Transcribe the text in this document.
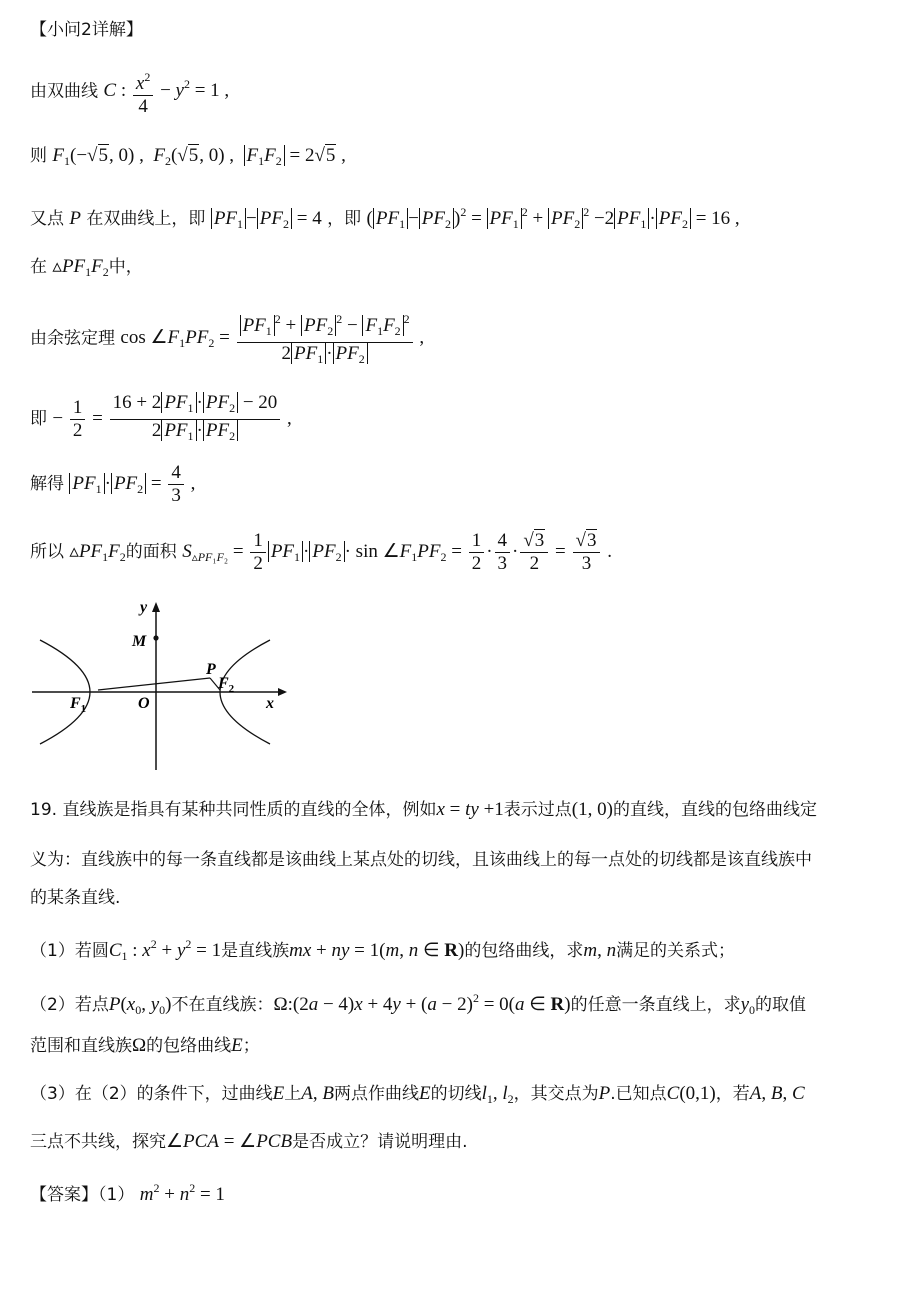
【小问2详解】
由双曲线 C : $\frac{x^2}{4} - y^2 = 1$ ,
则 $F_1(-√5$, 0) ,  $F_2(√5$, 0) ,  $F_1F_2 = 2√5$ ,
又点 P 在双曲线上，即 $PF_1 - PF_2 = 4$ ，即 ( $PF_1 - PF_2$ )$^2 = PF_1^2 + PF_2^2 -2$ $PF_1 \cdot PF_2 = 16$ ,
在 $▵PF_1F_2$中，
由余弦定理 $\cos \angle F_1PF_2 = \frac{PF_1^2 + PF_2^2 - F_1F_2^2}{2 PF_1 \cdot PF_2}$ ,
即 − $\frac{1}{2} = \frac{16 + 2 PF_1 \cdot PF_2 - 20}{2 PF_1 \cdot PF_2}$ ,
解得 $PF_1 \cdot PF_2 = \frac{4}{3}$ ,
所以 $▵PF_1F_2$的面积 $S_{▵PF_1F_2} = \frac{1}{2} PF_1 \cdot PF_2 \cdot \sin$ $\angle F_1PF_2 = \frac{1}{2} \cdot \frac{4}{3} \cdot \frac{√3}{2} = \frac{√3}{3}$ .
y
x
M
P
$F_1$
$F_2$
O
19. 直线族是指具有某种共同性质的直线的全体，例如x = ty +1表示过点(1, 0)的直线，直线的包络曲线定
义为：直线族中的每一条直线都是该曲线上某点处的切线，且该曲线上的每一点处的切线都是该直线族中
的某条直线.
（1）若圆$C_1$ : $x^2 + y^2 = 1$是直线族mx + ny = 1(m, n ∈ R)的包络曲线，求m, n满足的关系式；
（2）若点$P(x_0$, $y_0$)不在直线族：Ω:(2a − $4)x + 4y + (a - 2)^2 = 0(a$ ∈ R)的任意一条直线上，求$y_0$的取值
范围和直线族Ω的包络曲线E；
（3）在（2）的条件下，过曲线E上A, B两点作曲线E的切线$l_1$, $l_2$，其交点为P.已知点C(0,1)，若A, B, C
三点不共线，探究∠PCA = ∠PCB是否成立？请说明理由.
【答案】（1） $m^2 + n^2 = 1$
